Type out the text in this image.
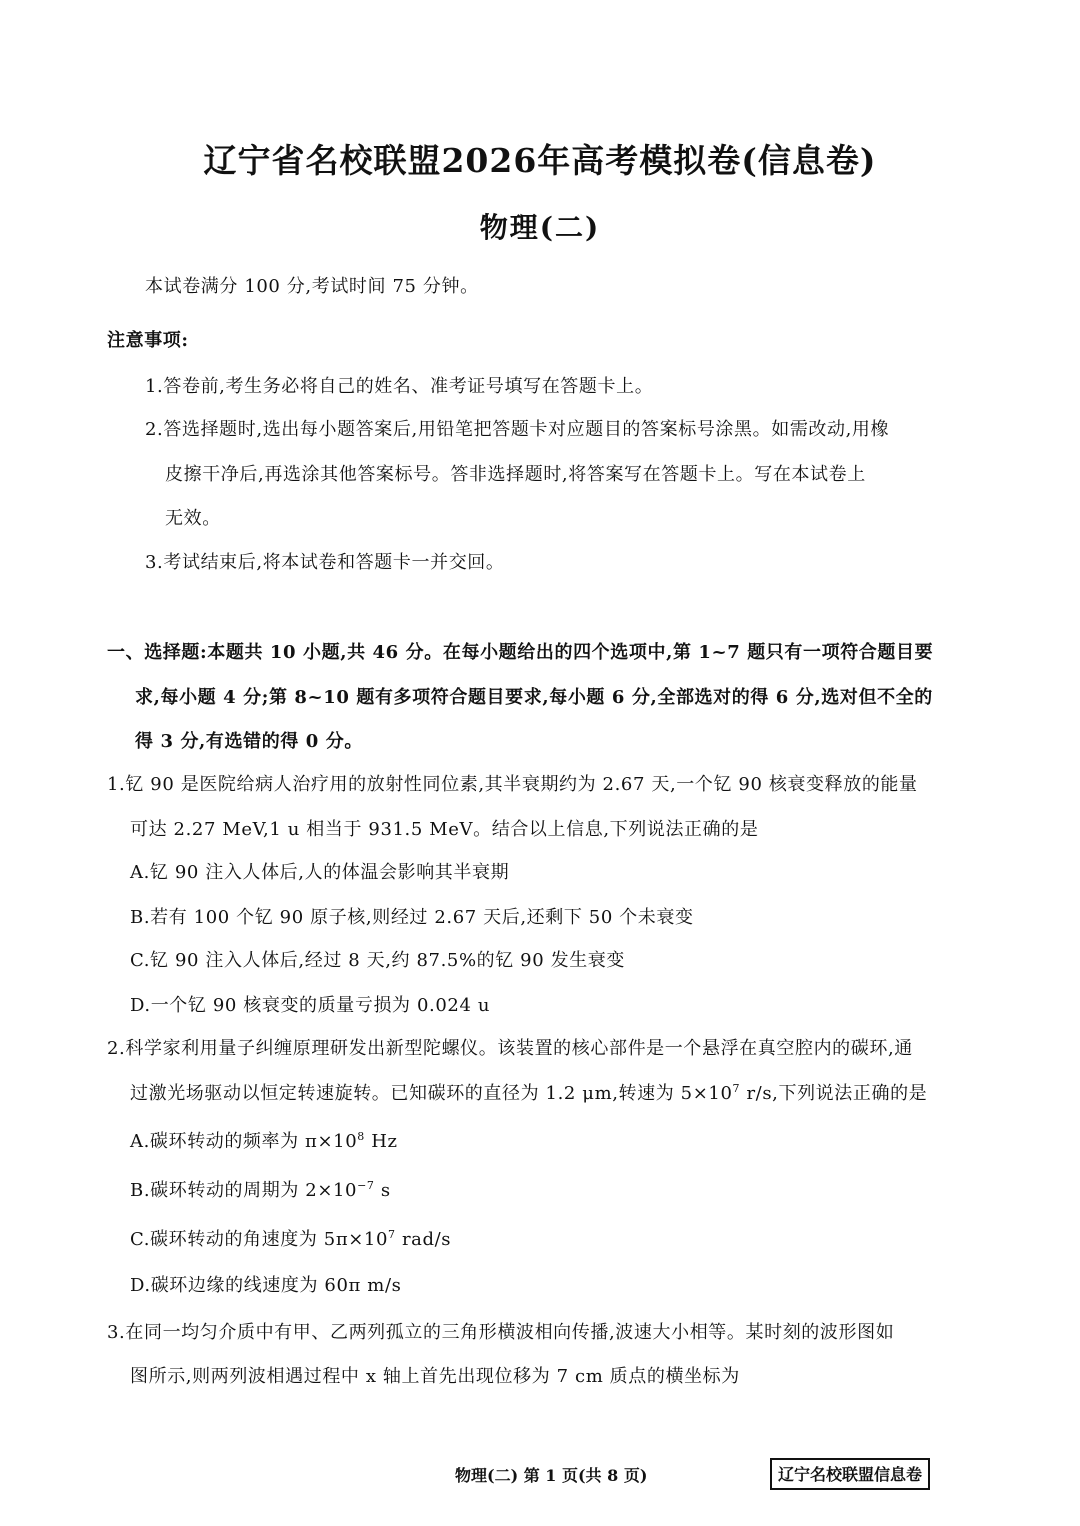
辽宁省名校联盟2026年高考模拟卷(信息卷)
物理(二)
本试卷满分 100 分,考试时间 75 分钟。
注意事项:
1.答卷前,考生务必将自己的姓名、准考证号填写在答题卡上。
2.答选择题时,选出每小题答案后,用铅笔把答题卡对应题目的答案标号涂黑。如需改动,用橡
皮擦干净后,再选涂其他答案标号。答非选择题时,将答案写在答题卡上。写在本试卷上
无效。
3.考试结束后,将本试卷和答题卡一并交回。
一、选择题:本题共 10 小题,共 46 分。在每小题给出的四个选项中,第 1~7 题只有一项符合题目要
求,每小题 4 分;第 8~10 题有多项符合题目要求,每小题 6 分,全部选对的得 6 分,选对但不全的
得 3 分,有选错的得 0 分。
1.钇 90 是医院给病人治疗用的放射性同位素,其半衰期约为 2.67 天,一个钇 90 核衰变释放的能量
可达 2.27 MeV,1 u 相当于 931.5 MeV。结合以上信息,下列说法正确的是
A.钇 90 注入人体后,人的体温会影响其半衰期
B.若有 100 个钇 90 原子核,则经过 2.67 天后,还剩下 50 个未衰变
C.钇 90 注入人体后,经过 8 天,约 87.5%的钇 90 发生衰变
D.一个钇 90 核衰变的质量亏损为 0.024 u
2.科学家利用量子纠缠原理研发出新型陀螺仪。该装置的核心部件是一个悬浮在真空腔内的碳环,通
过激光场驱动以恒定转速旋转。已知碳环的直径为 1.2 μm,转速为 $5\times 10^7$ r/s,下列说法正确的是
A.碳环转动的频率为 $\pi\times 10^8$ Hz
B.碳环转动的周期为 $2\times 10^{-7}$ s
C.碳环转动的角速度为 $5\pi\times 10^7$ rad/s
D.碳环边缘的线速度为 60π m/s
3.在同一均匀介质中有甲、乙两列孤立的三角形横波相向传播,波速大小相等。某时刻的波形图如
图所示,则两列波相遇过程中 x 轴上首先出现位移为 7 cm 质点的横坐标为
物理(二) 第 1 页(共 8 页)	辽宁名校联盟信息卷
